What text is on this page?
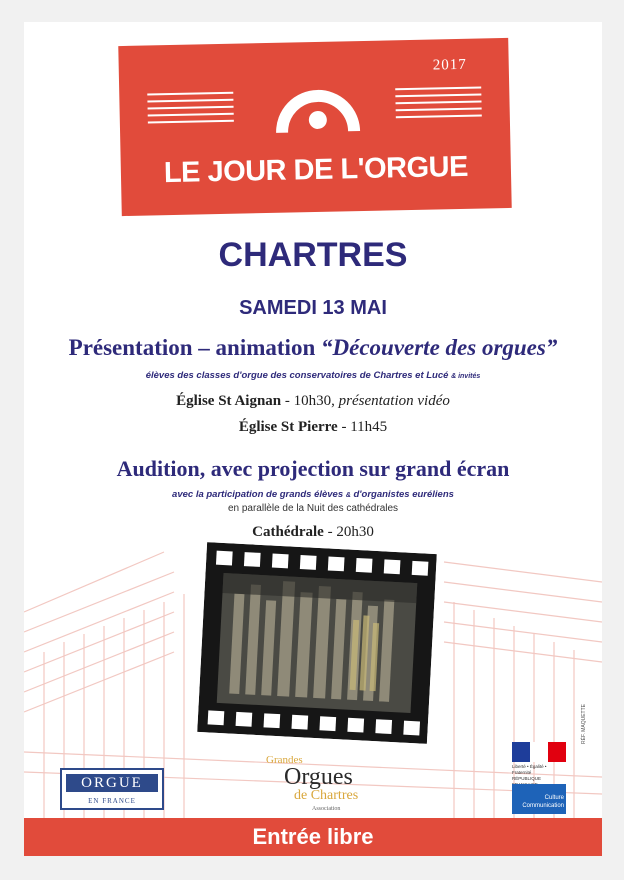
2017
LE JOUR DE L'ORGUE
CHARTRES
SAMEDI 13 MAI
Présentation – animation “Découverte des orgues”
élèves des classes d'orgue des conservatoires de Chartres et Lucé & invités
Église St Aignan - 10h30, présentation vidéo
Église St Pierre - 11h45
Audition, avec projection sur grand écran
avec la participation de grands élèves & d'organistes euréliens
en parallèle de la Nuit des cathédrales
Cathédrale - 20h30
ORGUE
EN FRANCE
Grandes
Orgues
de Chartres
Association
Liberté • Égalité • Fraternité
RÉPUBLIQUE
Culture
Communication
RÉF. MAQUETTE
Entrée libre
